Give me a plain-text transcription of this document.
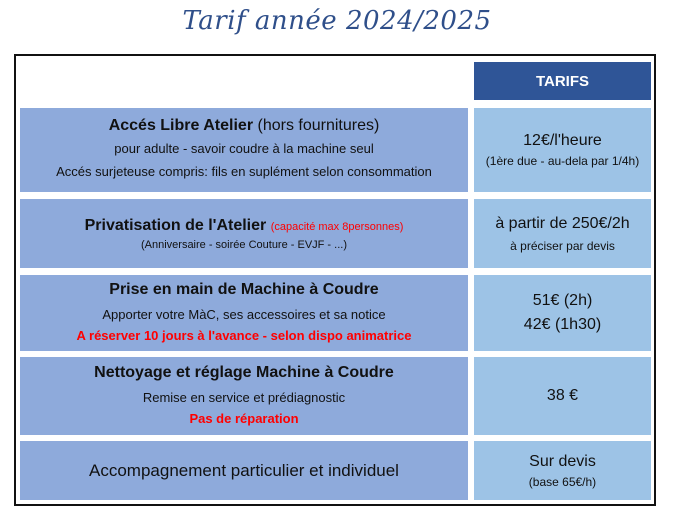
Tarif année 2024/2025
TARIFS
Accés Libre Atelier (hors fournitures)
pour adulte - savoir coudre à la machine seul
Accés surjeteuse compris: fils en suplément selon consommation
12€/l'heure
(1ère due - au-dela par 1/4h)
Privatisation de l'Atelier (capacité max 8personnes)
(Anniversaire - soirée Couture - EVJF - ...)
à partir de 250€/2h
à préciser par devis
Prise en main de Machine à Coudre
Apporter votre MàC, ses accessoires et sa notice
A réserver 10 jours à l'avance - selon dispo animatrice
51€ (2h)
42€ (1h30)
Nettoyage et réglage Machine à Coudre
Remise en service et prédiagnostic
Pas de réparation
38 €
Accompagnement particulier et individuel	Sur devis
(base 65€/h)
